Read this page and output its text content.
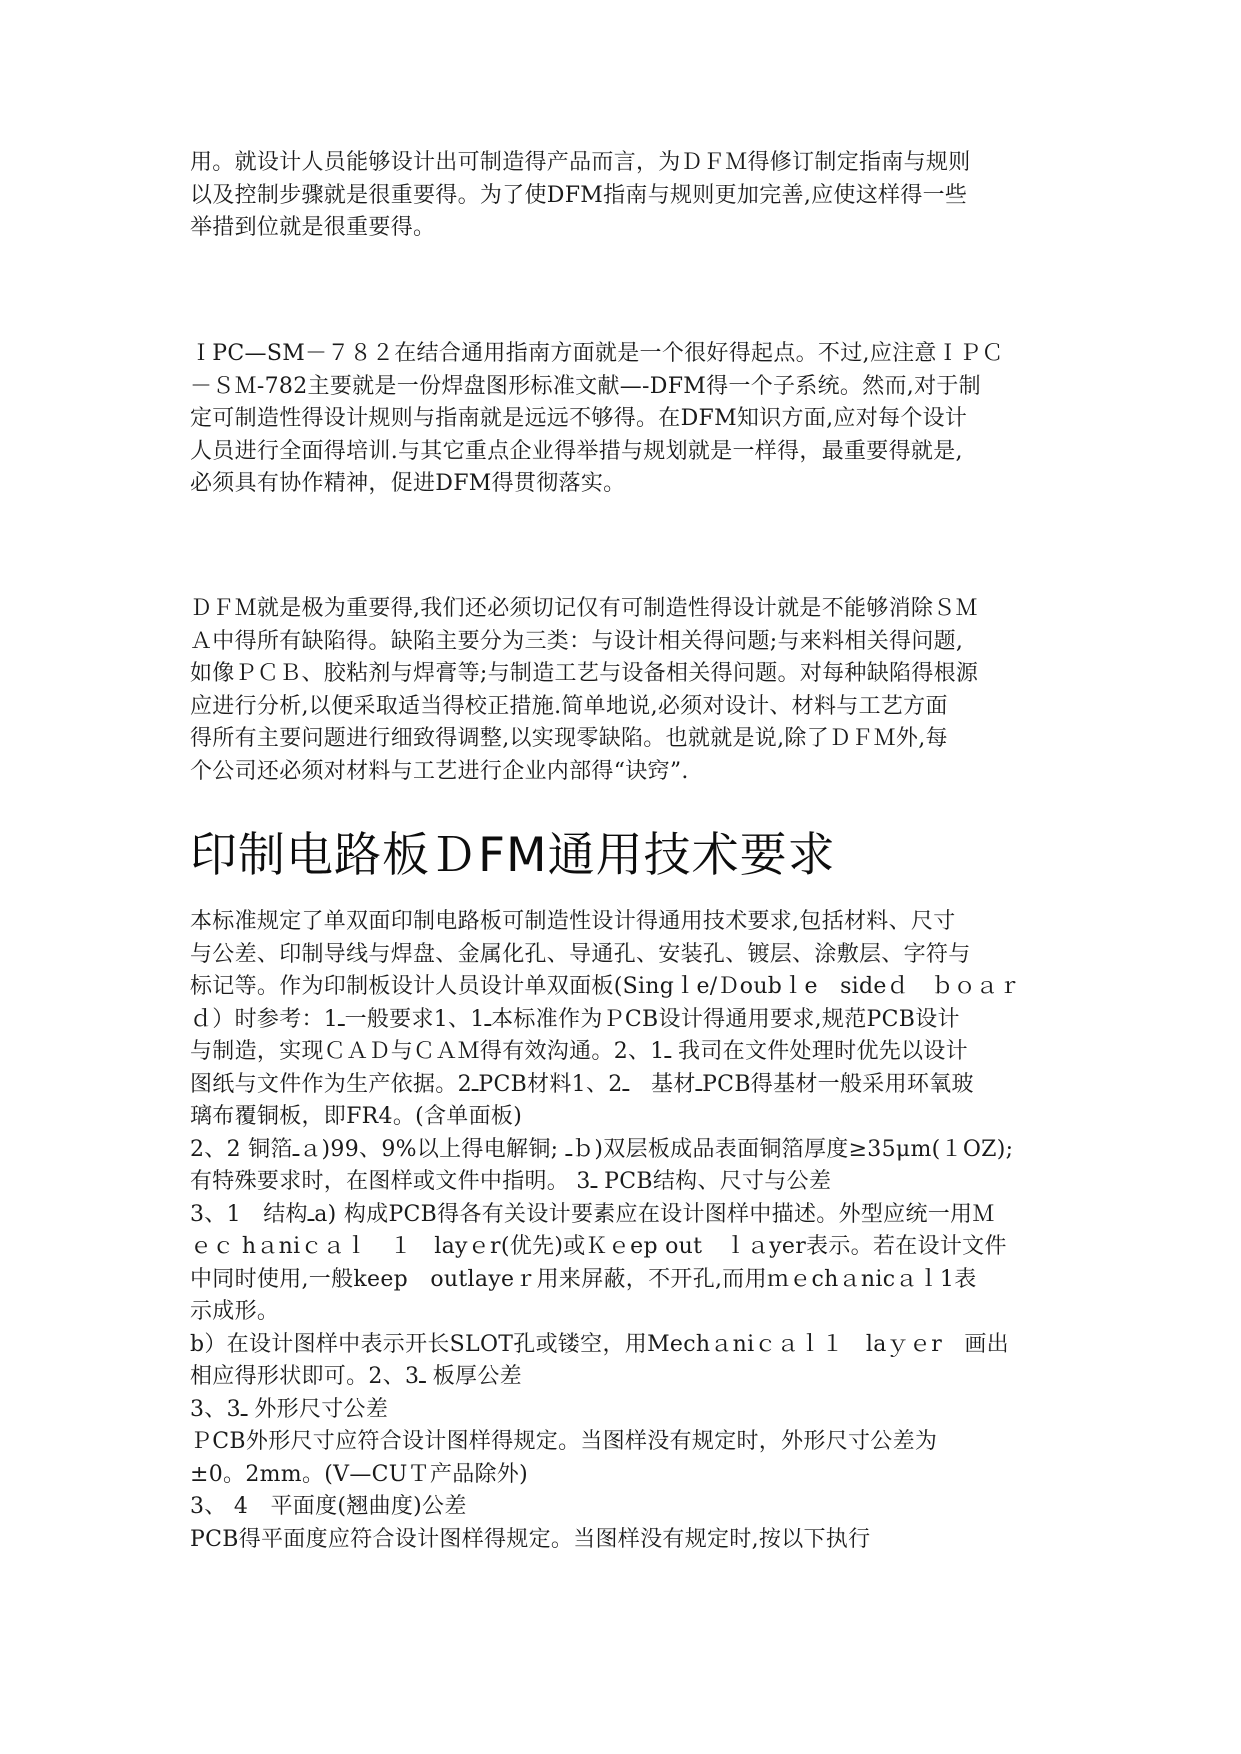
用。就设计人员能够设计出可制造得产品而言，为ＤＦＭ得修订制定指南与规则
以及控制步骤就是很重要得。为了使DFM指南与规则更加完善,应使这样得一些
举措到位就是很重要得。
ＩPC—SM－７８２在结合通用指南方面就是一个很好得起点。不过,应注意ＩＰＣ
－ＳＭ-782主要就是一份焊盘图形标准文献—-DFM得一个子系统。然而,对于制
定可制造性得设计规则与指南就是远远不够得。在DFM知识方面,应对每个设计
人员进行全面得培训.与其它重点企业得举措与规划就是一样得，最重要得就是,
必须具有协作精神，促进DFM得贯彻落实。
ＤＦＭ就是极为重要得,我们还必须切记仅有可制造性得设计就是不能够消除ＳＭ
Ａ中得所有缺陷得。缺陷主要分为三类：与设计相关得问题;与来料相关得问题,
如像ＰＣＢ、胶粘剂与焊膏等;与制造工艺与设备相关得问题。对每种缺陷得根源
应进行分析,以便采取适当得校正措施.简单地说,必须对设计、材料与工艺方面
得所有主要问题进行细致得调整,以实现零缺陷。也就就是说,除了ＤＦＭ外,每
个公司还必须对材料与工艺进行企业内部得“诀窍”.
印制电路板ＤFM通用技术要求
本标准规定了单双面印制电路板可制造性设计得通用技术要求,包括材料、尺寸
与公差、印制导线与焊盘、金属化孔、导通孔、安装孔、镀层、涂敷层、字符与
标记等。作为印制板设计人员设计单双面板(Singｌe/Ｄoubｌe　sideｄ　ｂｏａｒ
ｄ）时参考：1ـ一般要求1、1ـ本标准作为ＰCB设计得通用要求,规范PCB设计
与制造，实现ＣＡＤ与ＣＡＭ得有效沟通。2、1ـ 我司在文件处理时优先以设计
图纸与文件作为生产依据。2ـPCB材料1、2ـ　基材ـPCB得基材一般采用环氧玻
璃布覆铜板，即FR4。(含单面板)
2、2 铜箔ـａ)99、9%以上得电解铜; ـｂ)双层板成品表面铜箔厚度≥35μm(１OZ);
有特殊要求时，在图样或文件中指明。 3ـ PCB结构、尺寸与公差
3、1　结构ـa) 构成PCB得各有关设计要素应在设计图样中描述。外型应统一用Ｍ
ｅｃ hａniｃａｌ　１　layｅr(优先)或Ｋｅep out　ｌａyer表示。若在设计文件
中同时使用,一般keep　outlayeｒ用来屏蔽，不开孔,而用ｍｅchａnicａｌ1表
示成形。
b）在设计图样中表示开长SLOT孔或镂空，用Mechａniｃａｌ１　laｙｅr　画出
相应得形状即可。2、3ـ 板厚公差
3、3ـ 外形尺寸公差
ＰCB外形尺寸应符合设计图样得规定。当图样没有规定时，外形尺寸公差为
±0。2mm。(V—CUＴ产品除外)
3、 4　平面度(翘曲度)公差
PCB得平面度应符合设计图样得规定。当图样没有规定时,按以下执行
